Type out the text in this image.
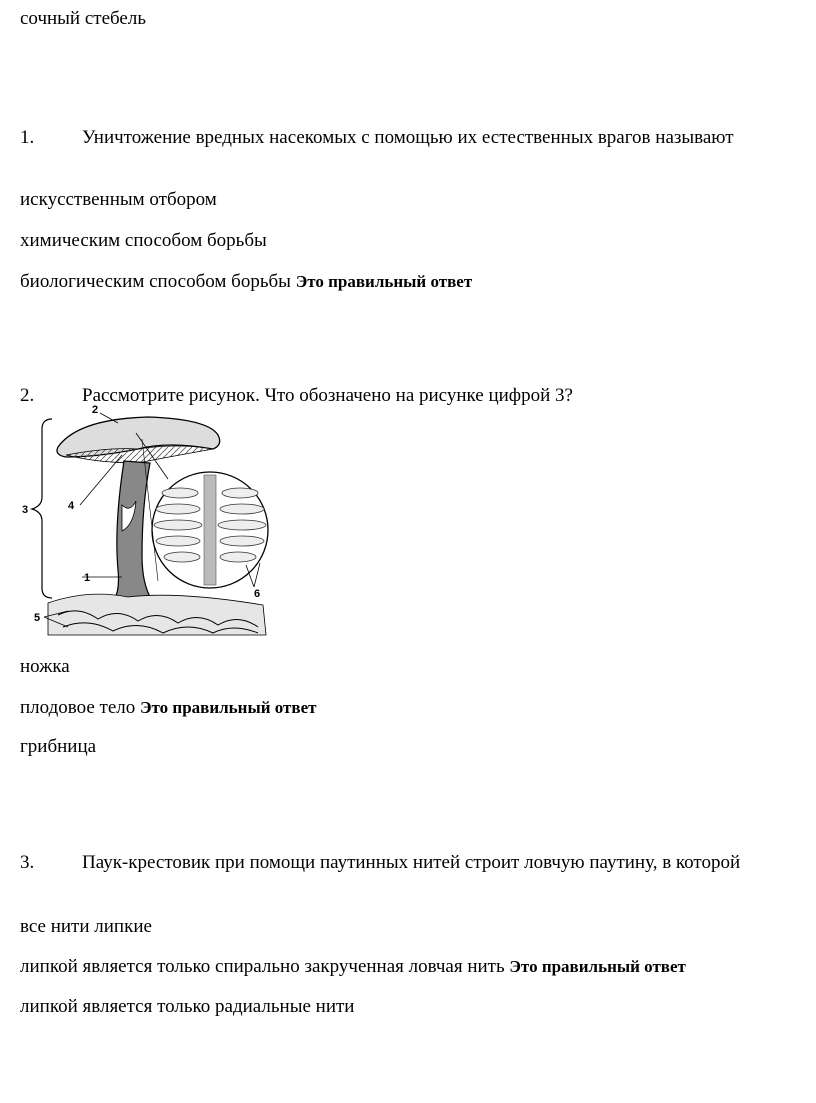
сочный стебель
1.	Уничтожение вредных насекомых с помощью их естественных врагов называют
искусственным отбором
химическим способом борьбы
биологическим способом борьбы Это правильный ответ
2.	Рассмотрите рисунок. Что обозначено на рисунке цифрой 3?
1
2
3	4
5
6
ножка
плодовое тело Это правильный ответ
грибница
3.	Паук-крестовик при помощи паутинных нитей строит ловчую паутину, в которой
все нити липкие
липкой является только спирально закрученная ловчая нить Это правильный ответ
липкой является только радиальные нити
